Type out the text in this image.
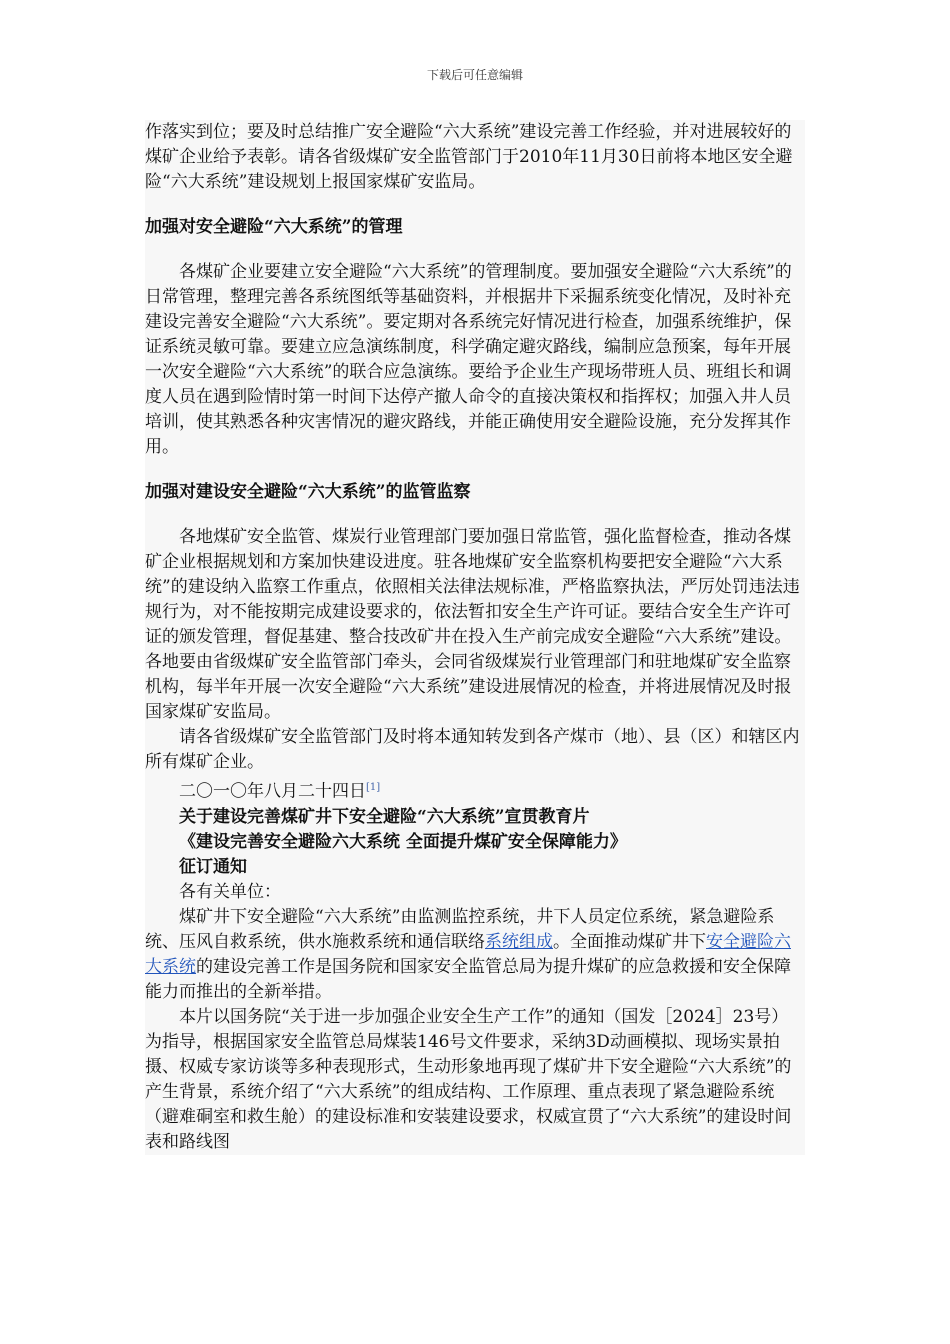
下载后可任意编辑

作落实到位；要及时总结推广安全避险“六大系统”建设完善工作经验，并对进展较好的煤矿企业给予表彰。请各省级煤矿安全监管部门于2010年11月30日前将本地区安全避险“六大系统”建设规划上报国家煤矿安监局。

加强对安全避险“六大系统”的管理

各煤矿企业要建立安全避险“六大系统”的管理制度。要加强安全避险“六大系统”的日常管理，整理完善各系统图纸等基础资料，并根据井下采掘系统变化情况，及时补充建设完善安全避险“六大系统”。要定期对各系统完好情况进行检查，加强系统维护，保证系统灵敏可靠。要建立应急演练制度，科学确定避灾路线，编制应急预案，每年开展一次安全避险“六大系统”的联合应急演练。要给予企业生产现场带班人员、班组长和调度人员在遇到险情时第一时间下达停产撤人命令的直接决策权和指挥权；加强入井人员培训，使其熟悉各种灾害情况的避灾路线，并能正确使用安全避险设施，充分发挥其作用。

加强对建设安全避险“六大系统”的监管监察

各地煤矿安全监管、煤炭行业管理部门要加强日常监管，强化监督检查，推动各煤矿企业根据规划和方案加快建设进度。驻各地煤矿安全监察机构要把安全避险“六大系统”的建设纳入监察工作重点，依照相关法律法规标准，严格监察执法，严厉处罚违法违规行为，对不能按期完成建设要求的，依法暂扣安全生产许可证。要结合安全生产许可证的颁发管理，督促基建、整合技改矿井在投入生产前完成安全避险“六大系统”建设。各地要由省级煤矿安全监管部门牵头，会同省级煤炭行业管理部门和驻地煤矿安全监察机构，每半年开展一次安全避险“六大系统”建设进展情况的检查，并将进展情况及时报国家煤矿安监局。

请各省级煤矿安全监管部门及时将本通知转发到各产煤市（地）、县（区）和辖区内所有煤矿企业。

二〇一〇年八月二十四日[1]

关于建设完善煤矿井下安全避险“六大系统”宣贯教育片

《建设完善安全避险六大系统 全面提升煤矿安全保障能力》

征订通知

各有关单位：

煤矿井下安全避险“六大系统”由监测监控系统，井下人员定位系统，紧急避险系统、压风自救系统，供水施救系统和通信联络系统组成。全面推动煤矿井下安全避险六大系统的建设完善工作是国务院和国家安全监管总局为提升煤矿的应急救援和安全保障能力而推出的全新举措。

本片以国务院“关于进一步加强企业安全生产工作”的通知（国发［2024］23号）为指导，根据国家安全监管总局煤装146号文件要求，采纳3D动画模拟、现场实景拍摄、权威专家访谈等多种表现形式，生动形象地再现了煤矿井下安全避险“六大系统”的产生背景，系统介绍了“六大系统”的组成结构、工作原理、重点表现了紧急避险系统（避难硐室和救生舱）的建设标准和安装建设要求，权威宣贯了“六大系统”的建设时间表和路线图
